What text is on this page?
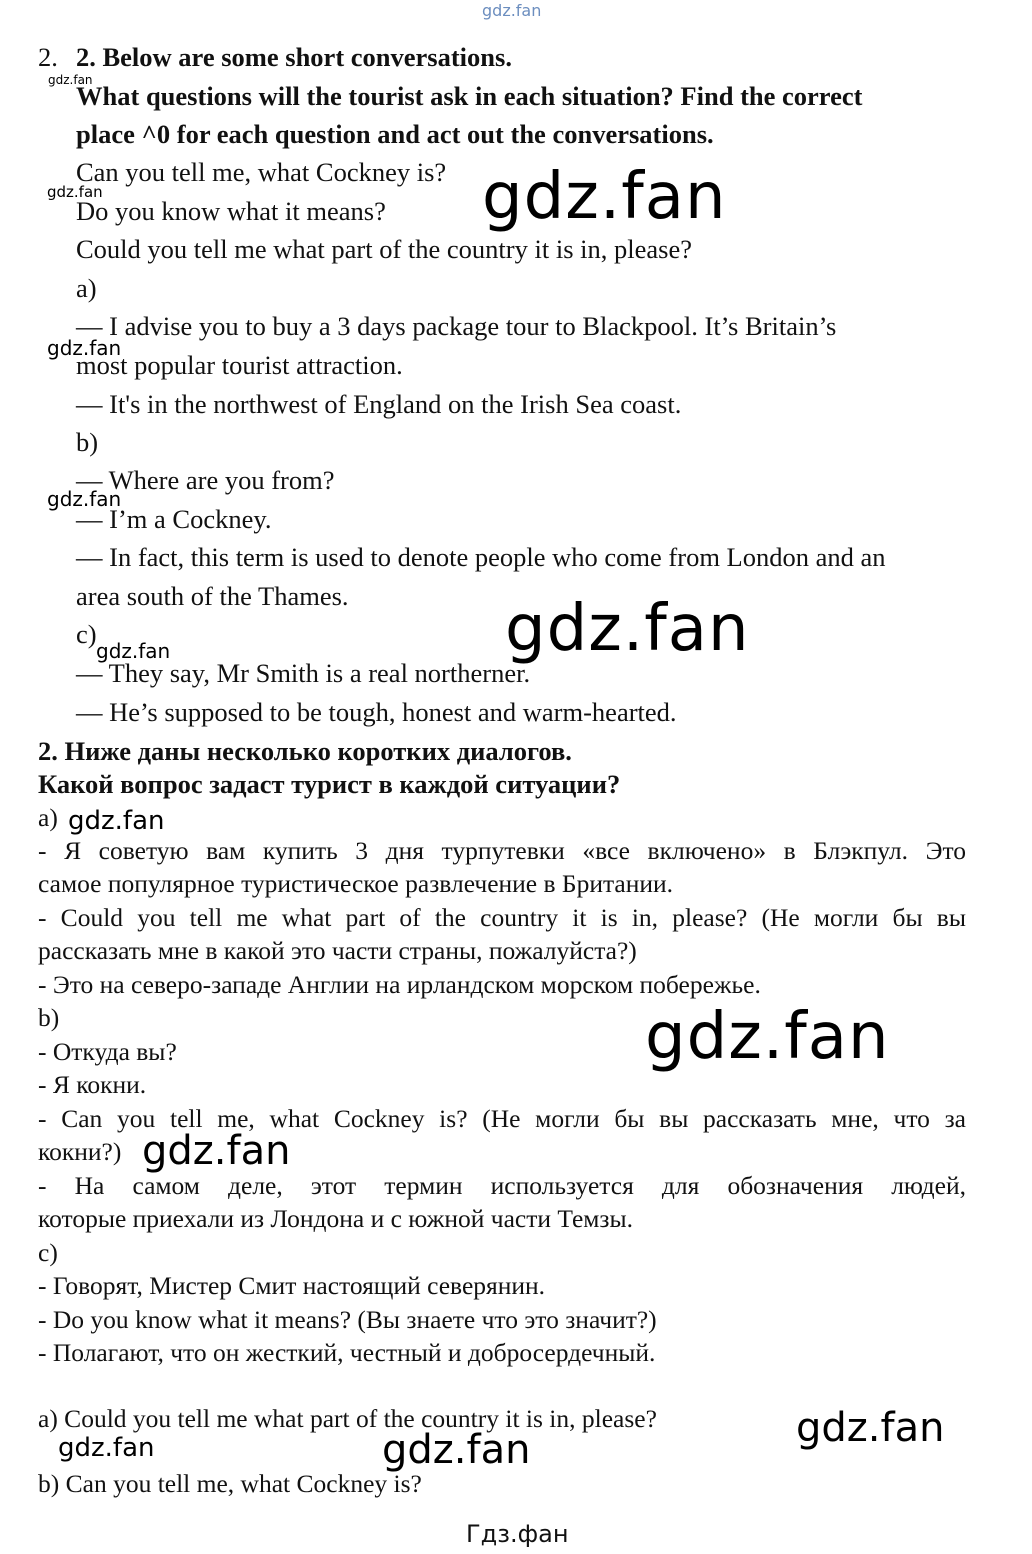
gdz.fan
2. 2. Below are some short conversations.
What questions will the tourist ask in each situation? Find the correct
place ^0 for each question and act out the conversations.
Can you tell me, what Cockney is?
Do you know what it means?
Could you tell me what part of the country it is in, please?
a)
— I advise you to buy a 3 days package tour to Blackpool. It’s Britain’s
most popular tourist attraction.
— It's in the northwest of England on the Irish Sea coast.
b)
— Where are you from?
— I’m a Cockney.
— In fact, this term is used to denote people who come from London and an
area south of the Thames.
c)
— They say, Mr Smith is a real northerner.
— He’s supposed to be tough, honest and warm-hearted.
2. Ниже даны несколько коротких диалогов.
Какой вопрос задаст турист в каждой ситуации?
a)
- Я советую вам купить 3 дня турпутевки «все включено» в Блэкпул. Это
самое популярное туристическое развлечение в Британии.
- Could you tell me what part of the country it is in, please? (Не могли бы вы
рассказать мне в какой это части страны, пожалуйста?)
- Это на северо-западе Англии на ирландском морском побережье.
b)
- Откуда вы?
- Я кокни.
- Can you tell me, what Cockney is? (Не могли бы вы рассказать мне, что за
кокни?)
- На самом деле, этот термин используется для обозначения людей,
которые приехали из Лондона и с южной части Темзы.
c)
- Говорят, Мистер Смит настоящий северянин.
- Do you know what it means? (Вы знаете что это значит?)
- Полагают, что он жесткий, честный и добросердечный.
a) Could you tell me what part of the country it is in, please?
b) Can you tell me, what Cockney is?
gdz.fan
gdz.fan
gdz.fan
gdz.fan
gdz.fan
gdz.fan
gdz.fan
gdz.fan
gdz.fan
gdz.fan
gdz.fan
gdz.fan	gdz.fan
Гдз.фан
